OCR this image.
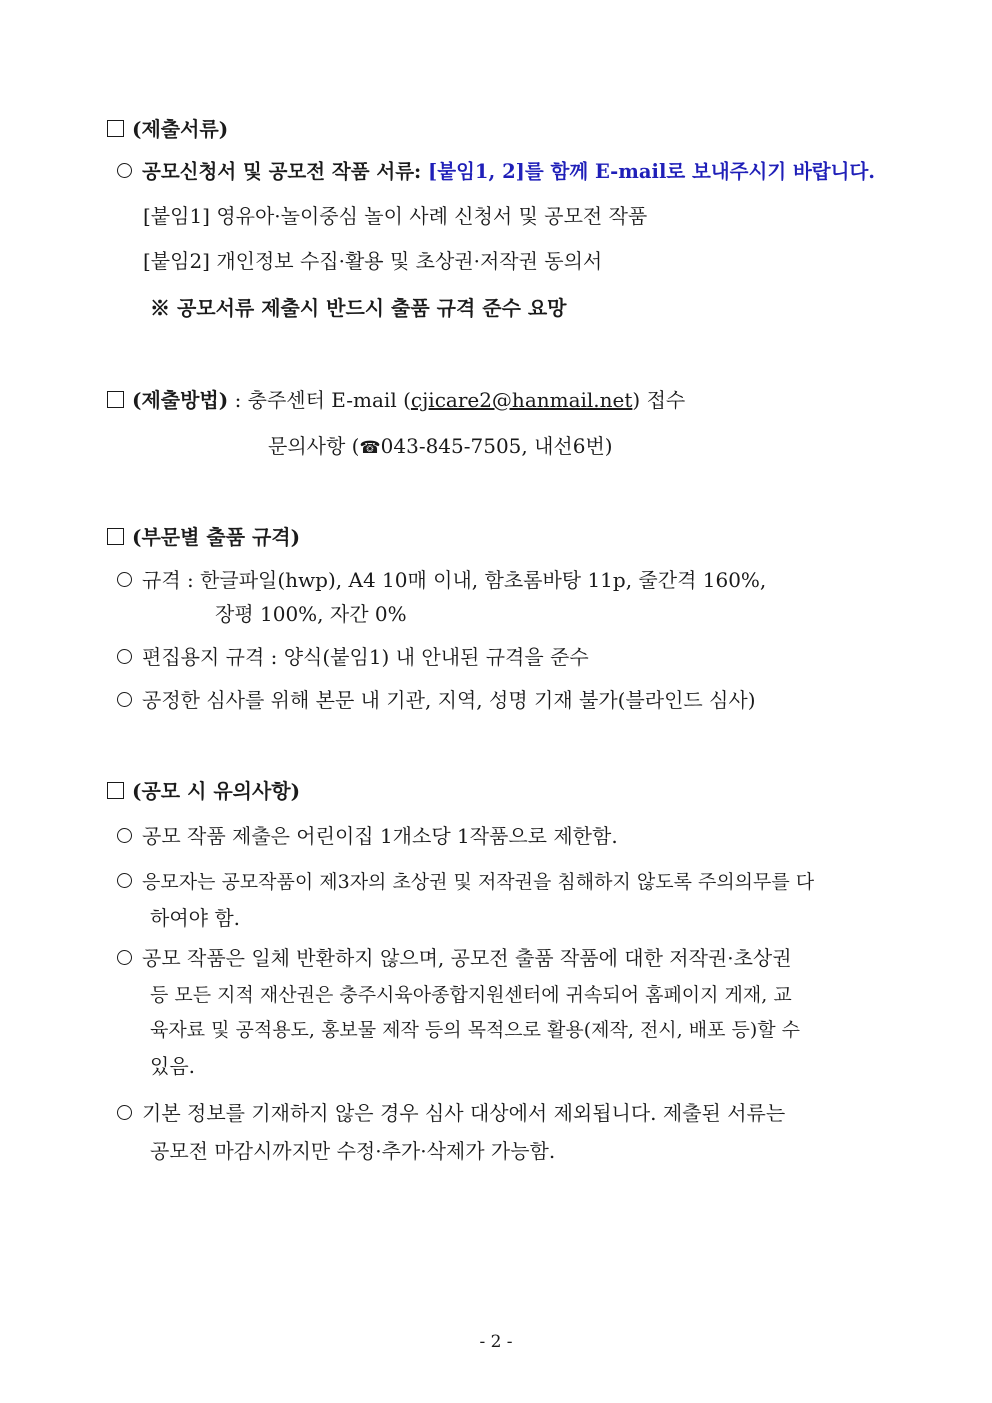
(제출서류)
공모신청서 및 공모전 작품 서류: [붙임1, 2]를 함께 E-mail로 보내주시기 바랍니다.
[붙임1] 영유아·놀이중심 놀이 사례 신청서 및 공모전 작품
[붙임2] 개인정보 수집·활용 및 초상권·저작권 동의서
※ 공모서류 제출시 반드시 출품 규격 준수 요망
(제출방법) : 충주센터 E-mail (cjicare2@hanmail.net) 접수
문의사항 (☎043-845-7505, 내선6번)
(부문별 출품 규격)
규격 : 한글파일(hwp), A4 10매 이내, 함초롬바탕 11p, 줄간격 160%,
장평 100%, 자간 0%
편집용지 규격 : 양식(붙임1) 내 안내된 규격을 준수
공정한 심사를 위해 본문 내 기관, 지역, 성명 기재 불가(블라인드 심사)
(공모 시 유의사항)
공모 작품 제출은 어린이집 1개소당 1작품으로 제한함.
응모자는 공모작품이 제3자의 초상권 및 저작권을 침해하지 않도록 주의의무를 다
하여야 함.
공모 작품은 일체 반환하지 않으며, 공모전 출품 작품에 대한 저작권·초상권
등 모든 지적 재산권은 충주시육아종합지원센터에 귀속되어 홈페이지 게재, 교
육자료 및 공적용도, 홍보물 제작 등의 목적으로 활용(제작, 전시, 배포 등)할 수
있음.
기본 정보를 기재하지 않은 경우 심사 대상에서 제외됩니다. 제출된 서류는
공모전 마감시까지만 수정·추가·삭제가 가능함.
- 2 -
